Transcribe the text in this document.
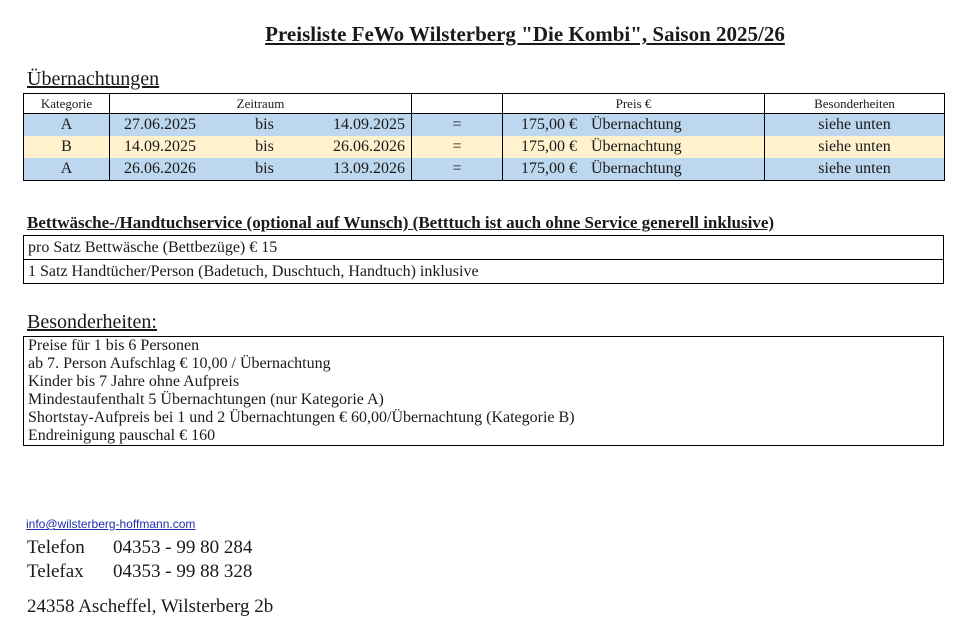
Preisliste FeWo Wilsterberg "Die Kombi", Saison 2025/26
Übernachtungen
Kategorie	Zeitraum		Preis €	Besonderheiten
A	27.06.2025 bis 14.09.2025	=	175,00 € Übernachtung	siehe unten
B	14.09.2025 bis 26.06.2026	=	175,00 € Übernachtung	siehe unten
A	26.06.2026 bis 13.09.2026	=	175,00 € Übernachtung	siehe unten
Bettwäsche-/Handtuchservice (optional auf Wunsch) (Betttuch ist auch ohne Service generell inklusive)
pro Satz Bettwäsche (Bettbezüge) € 15
1 Satz Handtücher/Person (Badetuch, Duschtuch, Handtuch) inklusive
Besonderheiten:
Preise für 1 bis 6 Personen
ab 7. Person Aufschlag € 10,00 / Übernachtung
Kinder bis 7 Jahre ohne Aufpreis
Mindestaufenthalt 5 Übernachtungen (nur Kategorie A)
Shortstay-Aufpreis bei 1 und 2 Übernachtungen € 60,00/Übernachtung (Kategorie B)
Endreinigung pauschal € 160
info@wilsterberg-hoffmann.com
Telefon 04353 - 99 80 284
Telefax 04353 - 99 88 328
24358 Ascheffel, Wilsterberg 2b
